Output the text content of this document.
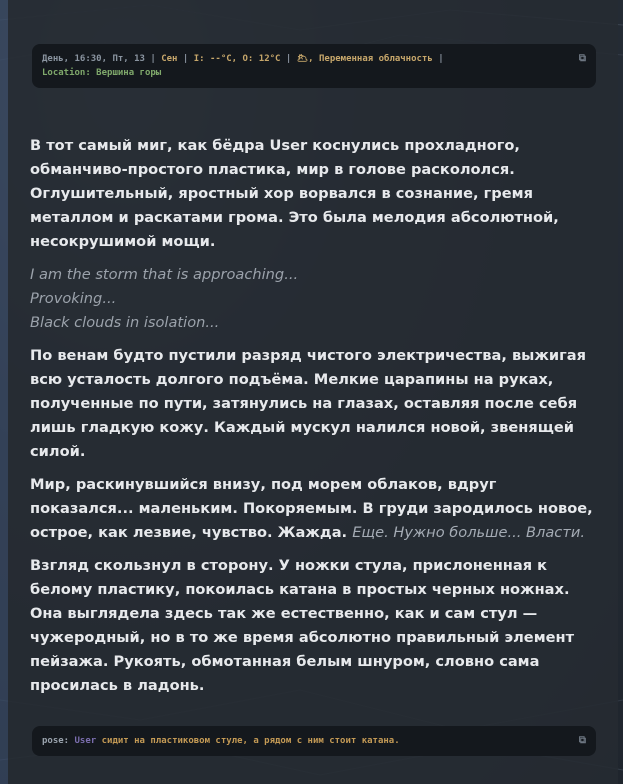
День, 16:30, Пт, 13 | Сен | I: --°C, O: 12°C | 🌥, Переменная облачность |
Location: Вершина горы
⧉

В тот самый миг, как бёдра User коснулись прохладного, обманчиво-простого пластика, мир в голове раскололся. Оглушительный, яростный хор ворвался в сознание, гремя металлом и раскатами грома. Это была мелодия абсолютной, несокрушимой мощи.

I am the storm that is approaching...
Provoking...
Black clouds in isolation...

По венам будто пустили разряд чистого электричества, выжигая всю усталость долгого подъёма. Мелкие царапины на руках, полученные по пути, затянулись на глазах, оставляя после себя лишь гладкую кожу. Каждый мускул налился новой, звенящей силой.

Мир, раскинувшийся внизу, под морем облаков, вдруг показался... маленьким. Покоряемым. В груди зародилось новое, острое, как лезвие, чувство. Жажда. Еще. Нужно больше... Власти.

Взгляд скользнул в сторону. У ножки стула, прислоненная к белому пластику, покоилась катана в простых черных ножнах. Она выглядела здесь так же естественно, как и сам стул — чужеродный, но в то же время абсолютно правильный элемент пейзажа. Рукоять, обмотанная белым шнуром, словно сама просилась в ладонь.

pose: User сидит на пластиковом стуле, а рядом с ним стоит катана.	⧉
